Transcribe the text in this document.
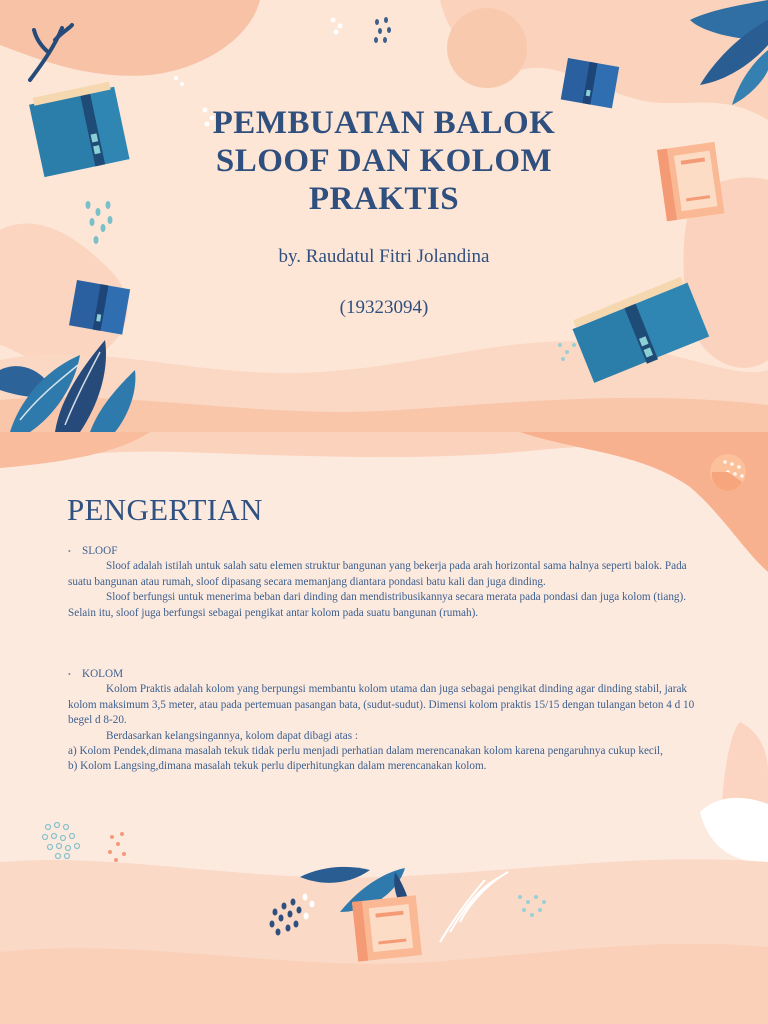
PEMBUATAN BALOK
SLOOF DAN KOLOM
PRAKTIS
by. Raudatul Fitri Jolandina
(19323094)
PENGERTIAN

• SLOOF

Sloof adalah istilah untuk salah satu elemen struktur bangunan yang bekerja pada arah horizontal sama halnya seperti balok. Pada suatu bangunan atau rumah, sloof dipasang secara memanjang diantara pondasi batu kali dan juga dinding.

Sloof berfungsi untuk menerima beban dari dinding dan mendistribusikannya secara merata pada pondasi dan juga kolom (tiang). Selain itu, sloof juga berfungsi sebagai pengikat antar kolom pada suatu bangunan (rumah).

• KOLOM

Kolom Praktis adalah kolom yang berpungsi membantu kolom utama dan juga sebagai pengikat dinding agar dinding stabil, jarak kolom maksimum 3,5 meter, atau pada pertemuan pasangan bata, (sudut-sudut). Dimensi kolom praktis 15/15 dengan tulangan beton 4 d 10 begel d 8-20.

Berdasarkan kelangsingannya, kolom dapat dibagi atas :

a) Kolom Pendek,dimana masalah tekuk tidak perlu menjadi perhatian dalam merencanakan kolom karena pengaruhnya cukup kecil,

b) Kolom Langsing,dimana masalah tekuk perlu diperhitungkan dalam merencanakan kolom.
